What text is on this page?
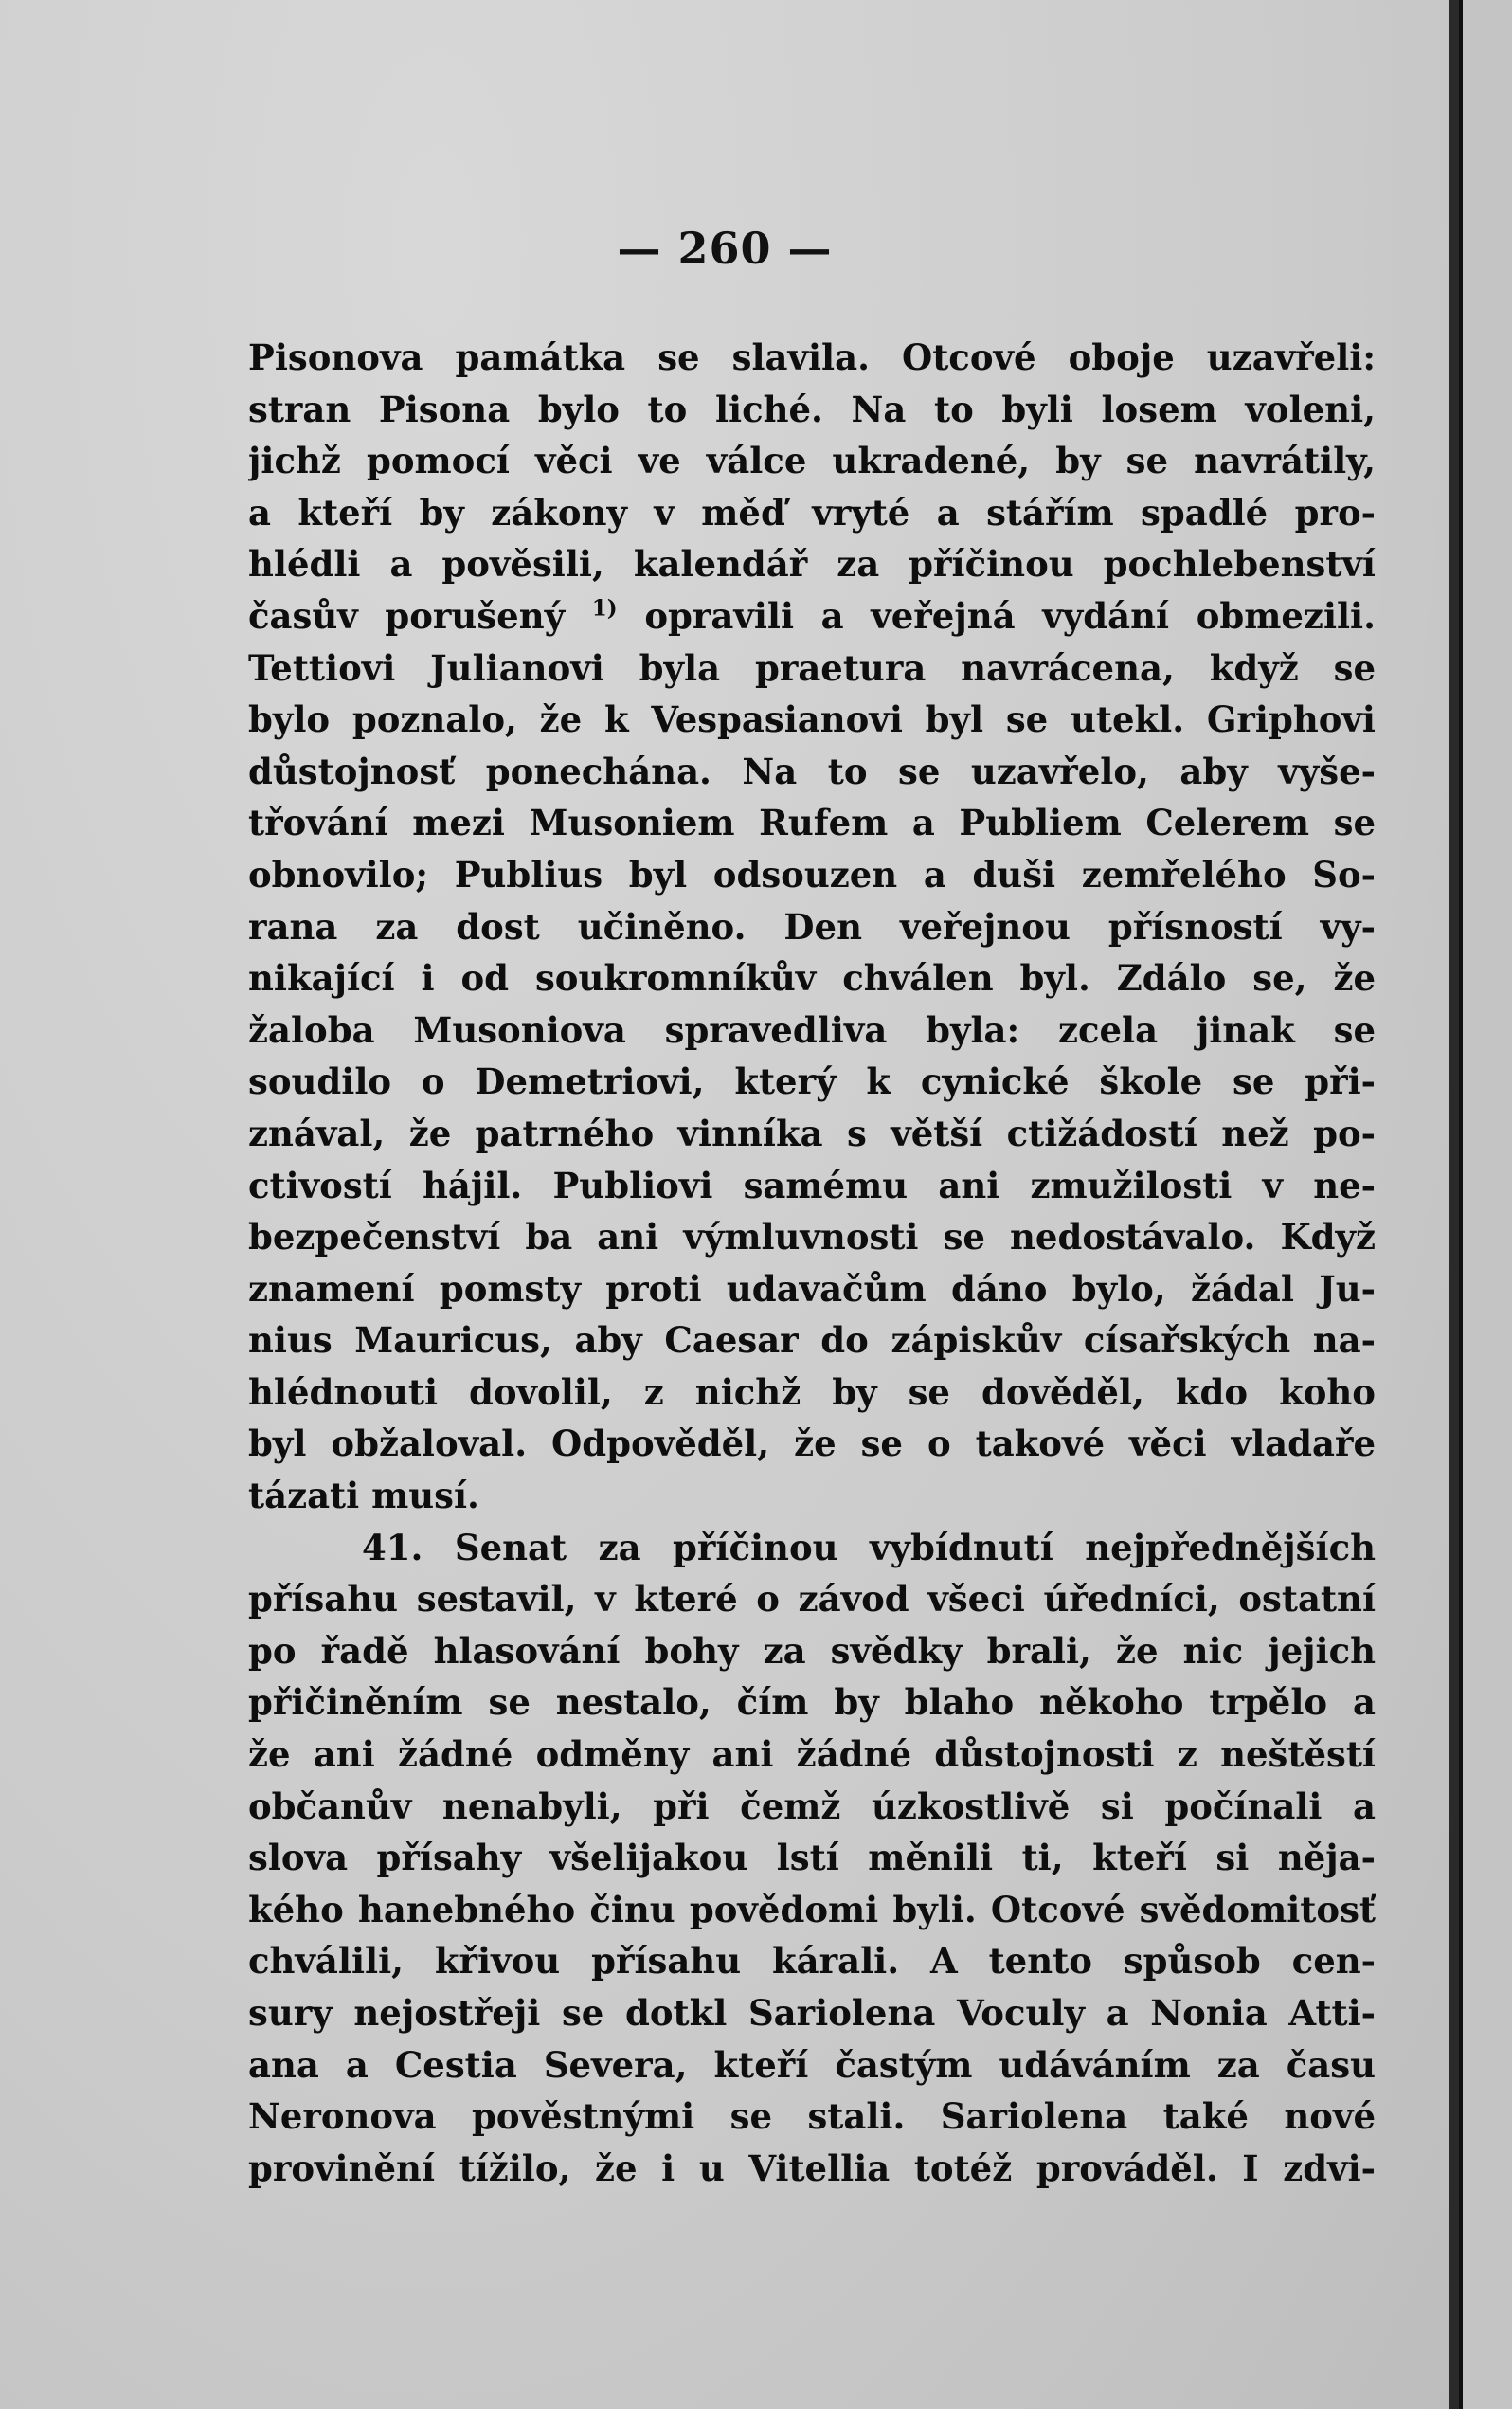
— 260 —
Pisonova památka se slavila. Otcové oboje uzavřeli:
stran Pisona bylo to liché. Na to byli losem voleni,
jichž pomocí věci ve válce ukradené, by se navrátily,
a kteří by zákony v měď vryté a stářím spadlé pro-
hlédli a pověsili, kalendář za příčinou pochlebenství
časův porušený $^{1)}$ opravili a veřejná vydání obmezili.
Tettiovi Julianovi byla praetura navrácena, když se
bylo poznalo, že k Vespasianovi byl se utekl. Griphovi
důstojnosť ponechána. Na to se uzavřelo, aby vyše-
třování mezi Musoniem Rufem a Publiem Celerem se
obnovilo; Publius byl odsouzen a duši zemřelého So-
rana za dost učiněno. Den veřejnou přísností vy-
nikající i od soukromníkův chválen byl. Zdálo se, že
žaloba Musoniova spravedliva byla: zcela jinak se
soudilo o Demetriovi, který k cynické škole se při-
znával, že patrného vinníka s větší ctižádostí než po-
ctivostí hájil. Publiovi samému ani zmužilosti v ne-
bezpečenství ba ani výmluvnosti se nedostávalo. Když
znamení pomsty proti udavačům dáno bylo, žádal Ju-
nius Mauricus, aby Caesar do zápiskův císařských na-
hlédnouti dovolil, z nichž by se dověděl, kdo koho
byl obžaloval. Odpověděl, že se o takové věci vladaře
tázati musí.
41. Senat za příčinou vybídnutí nejpřednějších
přísahu sestavil, v které o závod všeci úředníci, ostatní
po řadě hlasování bohy za svědky brali, že nic jejich
přičiněním se nestalo, čím by blaho někoho trpělo a
že ani žádné odměny ani žádné důstojnosti z neštěstí
občanův nenabyli, při čemž úzkostlivě si počínali a
slova přísahy všelijakou lstí měnili ti, kteří si něja-
kého hanebného činu povědomi byli. Otcové svědomitosť
chválili, křivou přísahu kárali. A tento spůsob cen-
sury nejostřeji se dotkl Sariolena Voculy a Nonia Atti-
ana a Cestia Severa, kteří častým udáváním za času
Neronova pověstnými se stali. Sariolena také nové
provinění tížilo, že i u Vitellia totéž prováděl. I zdvi-
